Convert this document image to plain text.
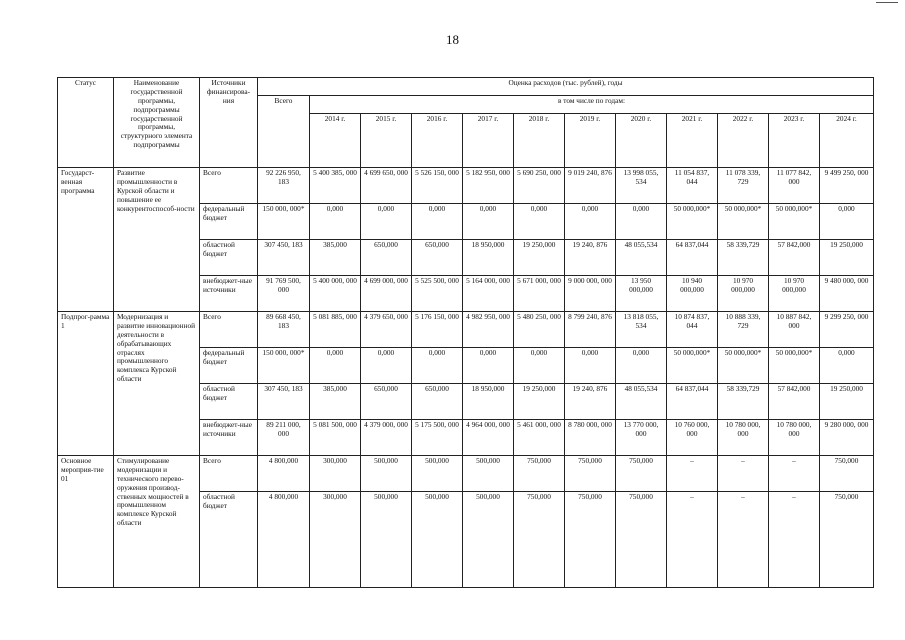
18
Статус	Наименование государственной программы, подпрограммы государственной программы, структурного элемента подпрограммы	Источники финансирова-ния	Оценка расходов (тыс. рублей), годы											
			Всего	в том числе по годам:										
				2014 г.	2015 г.	2016 г.	2017 г.	2018 г.	2019 г.	2020 г.	2021 г.	2022 г.	2023 г.	2024 г.
Государст-венная программа	Развитие промышленности в Курской области и повышение ее конкурентоспособ-ности	Всего	92 226 950, 183	5 400 385, 000	4 699 650, 000	5 526 150, 000	5 182 950, 000	5 690 250, 000	9 019 240, 876	13 998 055, 534	11 054 837, 044	11 078 339, 729	11 077 842, 000	9 499 250, 000
		федеральный бюджет	150 000, 000*	0,000	0,000	0,000	0,000	0,000	0,000	0,000	50 000,000*	50 000,000*	50 000,000*	0,000
		областной бюджет	307 450, 183	385,000	650,000	650,000	18 950,000	19 250,000	19 240, 876	48 055,534	64 837,044	58 339,729	57 842,000	19 250,000
		внебюджет-ные источники	91 769 500, 000	5 400 000, 000	4 699 000, 000	5 525 500, 000	5 164 000, 000	5 671 000, 000	9 000 000, 000	13 950 000,000	10 940 000,000	10 970 000,000	10 970 000,000	9 480 000, 000
Подпрог-рамма 1	Модернизация и развитие инновационной деятельности в обрабатывающих отраслях промышленного комплекса Курской области	Всего	89 668 450, 183	5 081 885, 000	4 379 650, 000	5 176 150, 000	4 982 950, 000	5 480 250, 000	8 799 240, 876	13 818 055, 534	10 874 837, 044	10 888 339, 729	10 887 842, 000	9 299 250, 000
		федеральный бюджет	150 000, 000*	0,000	0,000	0,000	0,000	0,000	0,000	0,000	50 000,000*	50 000,000*	50 000,000*	0,000
		областной бюджет	307 450, 183	385,000	650,000	650,000	18 950,000	19 250,000	19 240, 876	48 055,534	64 837,044	58 339,729	57 842,000	19 250,000
		внебюджет-ные источники	89 211 000, 000	5 081 500, 000	4 379 000, 000	5 175 500, 000	4 964 000, 000	5 461 000, 000	8 780 000, 000	13 770 000, 000	10 760 000, 000	10 780 000, 000	10 780 000, 000	9 280 000, 000
Основное мероприя-тие 01	Стимулирование модернизации и технического перево-оружения производ-ственных мощностей в промышленном комплексе Курской области	Всего	4 800,000	300,000	500,000	500,000	500,000	750,000	750,000	750,000	–	–	–	750,000
		областной бюджет	4 800,000	300,000	500,000	500,000	500,000	750,000	750,000	750,000	–	–	–	750,000
